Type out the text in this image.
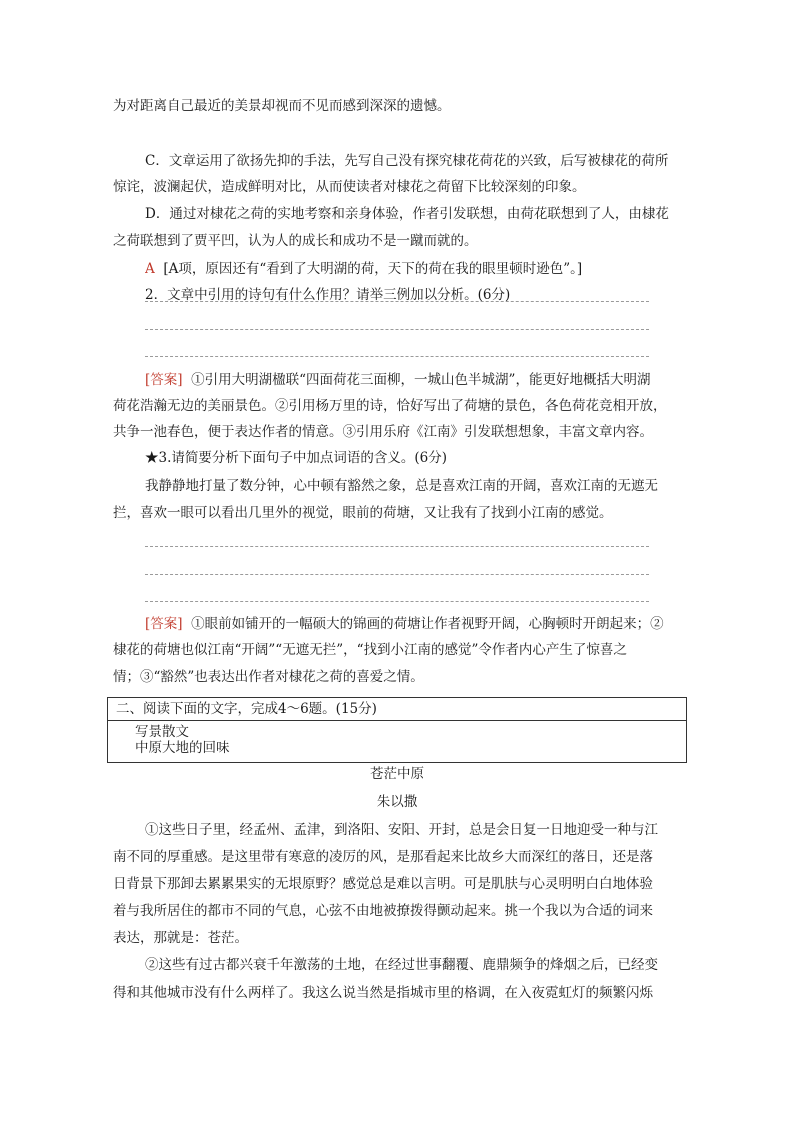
为对距离自己最近的美景却视而不见而感到深深的遗憾。
C．文章运用了欲扬先抑的手法，先写自己没有探究棣花荷花的兴致，后写被棣花的荷所
惊诧，波澜起伏，造成鲜明对比，从而使读者对棣花之荷留下比较深刻的印象。
D．通过对棣花之荷的实地考察和亲身体验，作者引发联想，由荷花联想到了人，由棣花
之荷联想到了贾平凹，认为人的成长和成功不是一蹴而就的。
A [A项，原因还有“看到了大明湖的荷，天下的荷在我的眼里顿时逊色”。]
2．文章中引用的诗句有什么作用？请举三例加以分析。(6分)
[答案] ①引用大明湖楹联“四面荷花三面柳，一城山色半城湖”，能更好地概括大明湖
荷花浩瀚无边的美丽景色。②引用杨万里的诗，恰好写出了荷塘的景色，各色荷花竞相开放，
共争一池春色，便于表达作者的情意。③引用乐府《江南》引发联想想象，丰富文章内容。
★3.请简要分析下面句子中加点词语的含义。(6分)
我静静地打量了数分钟，心中顿有豁然之象，总是喜欢江南的开阔，喜欢江南的无遮无
拦，喜欢一眼可以看出几里外的视觉，眼前的荷塘，又让我有了找到小江南的感觉。
[答案] ①眼前如铺开的一幅硕大的锦画的荷塘让作者视野开阔，心胸顿时开朗起来；②
棣花的荷塘也似江南“开阔”“无遮无拦”，“找到小江南的感觉”令作者内心产生了惊喜之
情；③“豁然”也表达出作者对棣花之荷的喜爱之情。
二、阅读下面的文字，完成4～6题。(15分)
写景散文
中原大地的回味
苍茫中原
朱以撒
①这些日子里，经孟州、孟津，到洛阳、安阳、开封，总是会日复一日地迎受一种与江
南不同的厚重感。是这里带有寒意的凌厉的风，是那看起来比故乡大而深红的落日，还是落
日背景下那卸去累累果实的无垠原野？感觉总是难以言明。可是肌肤与心灵明明白白地体验
着与我所居住的都市不同的气息，心弦不由地被撩拨得颤动起来。挑一个我以为合适的词来
表达，那就是：苍茫。
②这些有过古都兴衰千年激荡的土地，在经过世事翻覆、鹿鼎频争的烽烟之后，已经变
得和其他城市没有什么两样了。我这么说当然是指城市里的格调，在入夜霓虹灯的频繁闪烁
